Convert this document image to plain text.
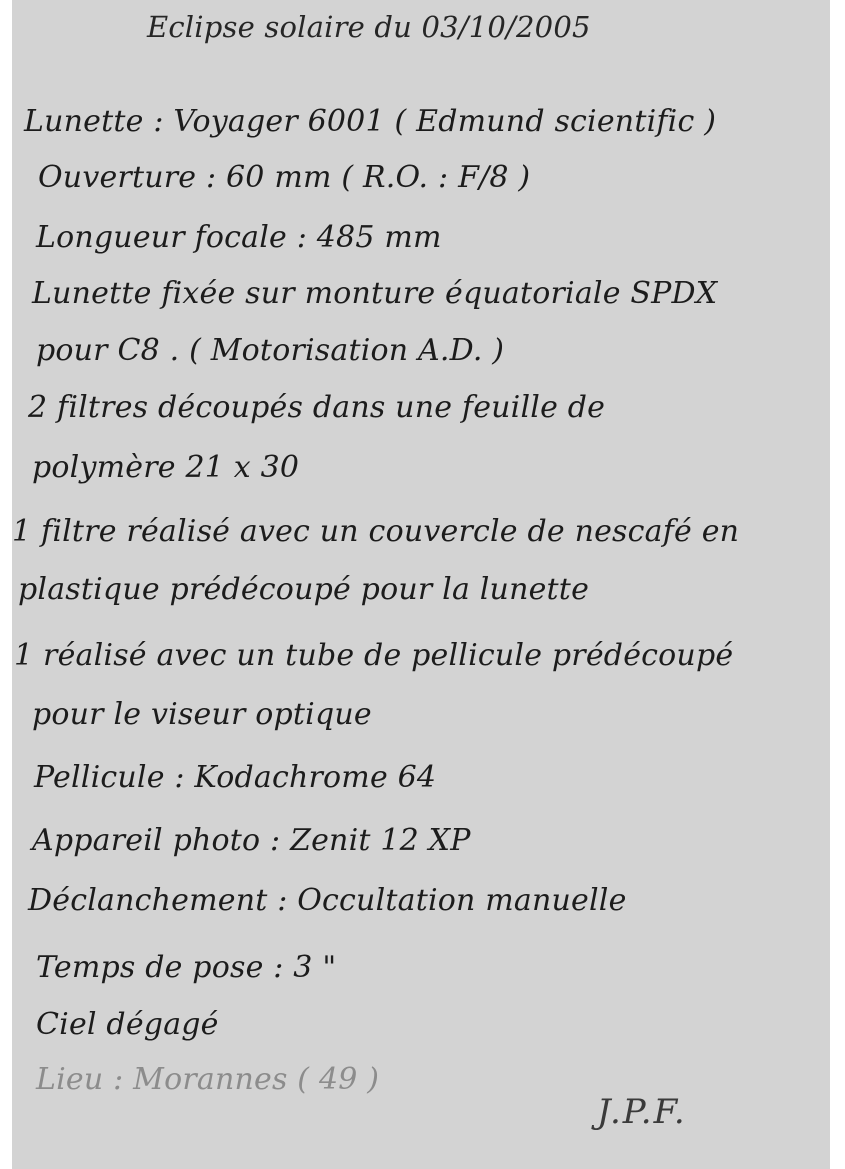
Eclipse solaire du 03/10/2005
Lunette : Voyager 6001 ( Edmund scientific )
Ouverture : 60 mm ( R.O. : F/8 )
Longueur focale : 485 mm
Lunette fixée sur monture équatoriale SPDX
pour C8 . ( Motorisation A.D. )
2 filtres découpés dans une feuille de
polymère 21 x 30
1 filtre réalisé avec un couvercle de nescafé en
plastique prédécoupé pour la lunette
1 réalisé avec un tube de pellicule prédécoupé
pour le viseur optique
Pellicule : Kodachrome 64
Appareil photo : Zenit 12 XP
Déclanchement : Occultation manuelle
Temps de pose : 3 "
Ciel dégagé
Lieu : Morannes ( 49 )
J.P.F.
